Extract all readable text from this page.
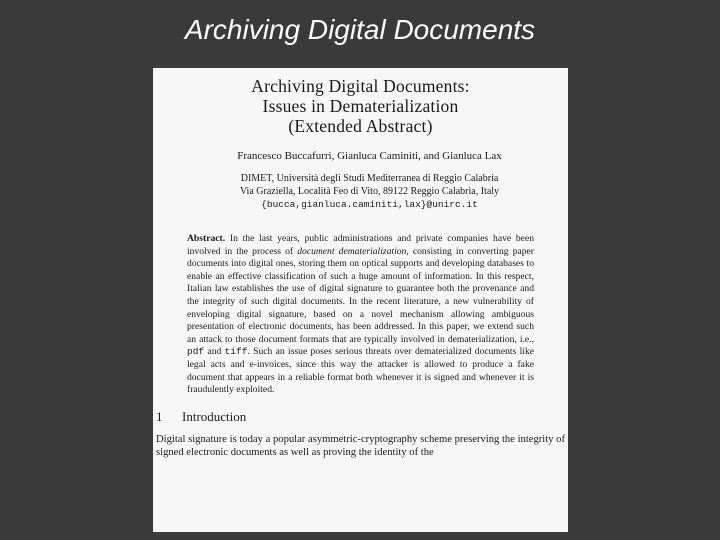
Archiving Digital Documents
Archiving Digital Documents:
Issues in Dematerialization
(Extended Abstract)
Francesco Buccafurri, Gianluca Caminiti, and Gianluca Lax
DIMET, Università degli Studi Mediterranea di Reggio Calabria
Via Graziella, Località Feo di Vito, 89122 Reggio Calabria, Italy
{bucca,gianluca.caminiti,lax}@unirc.it
Abstract. In the last years, public administrations and private companies have been involved in the process of document dematerialization, consisting in converting paper documents into digital ones, storing them on optical supports and developing databases to enable an effective classification of such a huge amount of information. In this respect, Italian law establishes the use of digital signature to guarantee both the provenance and the integrity of such digital documents. In the recent literature, a new vulnerability of enveloping digital signature, based on a novel mechanism allowing ambiguous presentation of electronic documents, has been addressed. In this paper, we extend such an attack to those document formats that are typically involved in dematerialization, i.e., pdf and tiff. Such an issue poses serious threats over dematerialized documents like legal acts and e-invoices, since this way the attacker is allowed to produce a fake document that appears in a reliable format both whenever it is signed and whenever it is fraudulently exploited.
1 Introduction
Digital signature is today a popular asymmetric-cryptography scheme preserving the integrity of signed electronic documents as well as proving the identity of the
